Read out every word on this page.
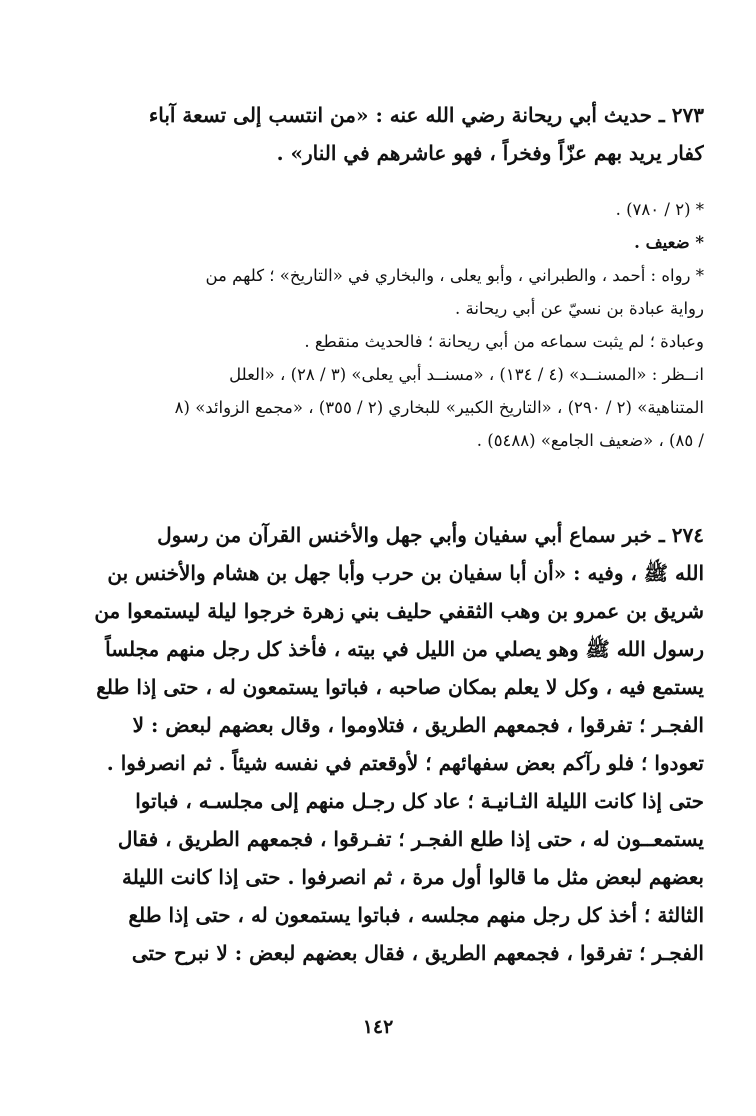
٢٧٣ ـ حديث أبي ريحانة رضي الله عنه : «من انتسب إلى تسعة آباء
كفار يريد بهم عزّاً وفخراً ، فهو عاشرهم في النار» .
* (٢ / ٧٨٠) .
* ضعيف .
* رواه : أحمد ، والطبراني ، وأبو يعلى ، والبخاري في «التاريخ» ؛ كلهم من
رواية عبادة بن نسيّ عن أبي ريحانة .
وعبادة ؛ لم يثبت سماعه من أبي ريحانة ؛ فالحديث منقطع .
انــظر : «المسنــد» (٤ / ١٣٤) ، «مسنــد أبي يعلى» (٣ / ٢٨) ، «العلل
المتناهية» (٢ / ٢٩٠) ، «التاريخ الكبير» للبخاري (٢ / ٣٥٥) ، «مجمع الزوائد» (٨
/ ٨٥) ، «ضعيف الجامع» (٥٤٨٨) .
٢٧٤ ـ خبر سماع أبي سفيان وأبي جهل والأخنس القرآن من رسول
الله ﷺ ، وفيه : «أن أبا سفيان بن حرب وأبا جهل بن هشام والأخنس بن
شريق بن عمرو بن وهب الثقفي حليف بني زهرة خرجوا ليلة ليستمعوا من
رسول الله ﷺ وهو يصلي من الليل في بيته ، فأخذ كل رجل منهم مجلساً
يستمع فيه ، وكل لا يعلم بمكان صاحبه ، فباتوا يستمعون له ، حتى إذا طلع
الفجـر ؛ تفرقوا ، فجمعهم الطريق ، فتلاوموا ، وقال بعضهم لبعض : لا
تعودوا ؛ فلو رآكم بعض سفهائهم ؛ لأوقعتم في نفسه شيئاً . ثم انصرفوا .
حتى إذا كانت الليلة الثـانيـة ؛ عاد كل رجـل منهم إلى مجلسـه ، فباتوا
يستمعــون له ، حتى إذا طلع الفجـر ؛ تفـرقوا ، فجمعهم الطريق ، فقال
بعضهم لبعض مثل ما قالوا أول مرة ، ثم انصرفوا . حتى إذا كانت الليلة
الثالثة ؛ أخذ كل رجل منهم مجلسه ، فباتوا يستمعون له ، حتى إذا طلع
الفجـر ؛ تفرقوا ، فجمعهم الطريق ، فقال بعضهم لبعض : لا نبرح حتى
١٤٢
